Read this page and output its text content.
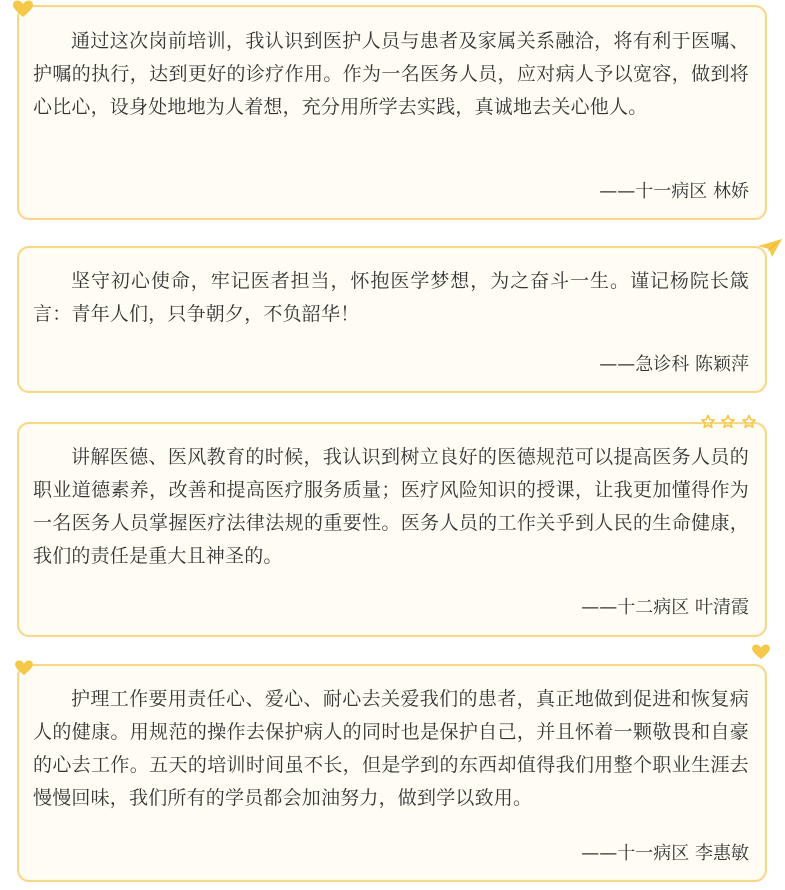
通过这次岗前培训，我认识到医护人员与患者及家属关系融洽，将有利于医嘱、护嘱的执行，达到更好的诊疗作用。作为一名医务人员，应对病人予以宽容，做到将心比心，设身处地地为人着想，充分用所学去实践，真诚地去关心他人。

——十一病区 林娇

坚守初心使命，牢记医者担当，怀抱医学梦想，为之奋斗一生。谨记杨院长箴言：青年人们，只争朝夕，不负韶华！

——急诊科 陈颖萍

讲解医德、医风教育的时候，我认识到树立良好的医德规范可以提高医务人员的职业道德素养，改善和提高医疗服务质量；医疗风险知识的授课，让我更加懂得作为一名医务人员掌握医疗法律法规的重要性。医务人员的工作关乎到人民的生命健康，我们的责任是重大且神圣的。

——十二病区 叶清霞

护理工作要用责任心、爱心、耐心去关爱我们的患者，真正地做到促进和恢复病人的健康。用规范的操作去保护病人的同时也是保护自己，并且怀着一颗敬畏和自豪的心去工作。五天的培训时间虽不长，但是学到的东西却值得我们用整个职业生涯去慢慢回味，我们所有的学员都会加油努力，做到学以致用。

——十一病区 李惠敏
